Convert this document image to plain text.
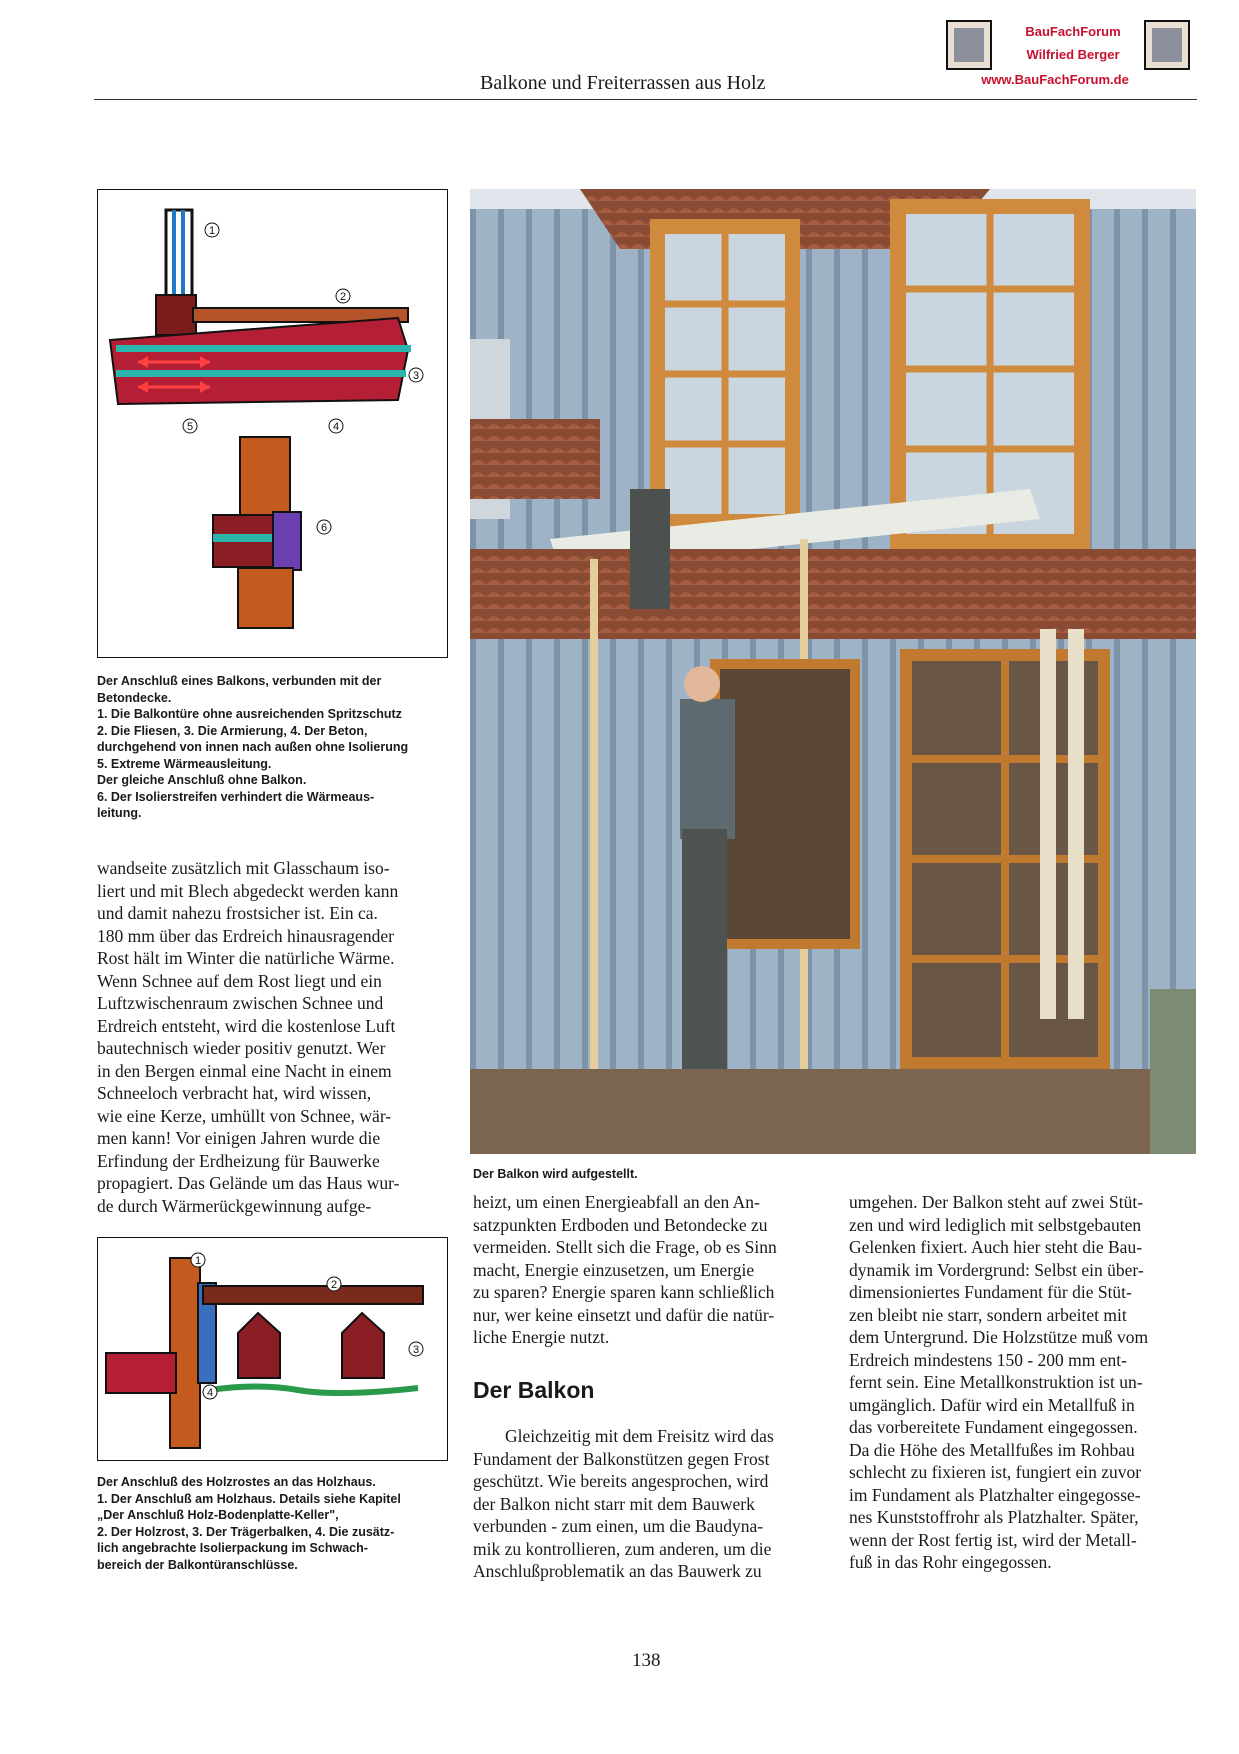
Balkone und Freiterrassen aus Holz
BauFachForum
Wilfried Berger
www.BauFachForum.de
1
2
3
4
5
6
Der Anschluß eines Balkons, verbunden mit der
Betondecke.
1. Die Balkontüre ohne ausreichenden Spritzschutz
2. Die Fliesen, 3. Die Armierung, 4. Der Beton,
durchgehend von innen nach außen ohne Isolierung
5. Extreme Wärmeausleitung.
Der gleiche Anschluß ohne Balkon.
6. Der Isolierstreifen verhindert die Wärmeaus-
leitung.
wandseite zusätzlich mit Glasschaum iso-
liert und mit Blech abgedeckt werden kann
und damit nahezu frostsicher ist. Ein ca.
180 mm über das Erdreich hinausragender
Rost hält im Winter die natürliche Wärme.
Wenn Schnee auf dem Rost liegt und ein
Luftzwischenraum zwischen Schnee und
Erdreich entsteht, wird die kostenlose Luft
bautechnisch wieder positiv genutzt. Wer
in den Bergen einmal eine Nacht in einem
Schneeloch verbracht hat, wird wissen,
wie eine Kerze, umhüllt von Schnee, wär-
men kann! Vor einigen Jahren wurde die
Erfindung der Erdheizung für Bauwerke
propagiert. Das Gelände um das Haus wur-
de durch Wärmerückgewinnung aufge-
1
2
3
4
Der Anschluß des Holzrostes an das Holzhaus.
1. Der Anschluß am Holzhaus. Details siehe Kapitel
„Der Anschluß Holz-Bodenplatte-Keller",
2. Der Holzrost, 3. Der Trägerbalken, 4. Die zusätz-
lich angebrachte Isolierpackung im Schwach-
bereich der Balkontüranschlüsse.
Der Balkon wird aufgestellt.
heizt, um einen Energieabfall an den An-
satzpunkten Erdboden und Betondecke zu
vermeiden. Stellt sich die Frage, ob es Sinn
macht, Energie einzusetzen, um Energie
zu sparen? Energie sparen kann schließlich
nur, wer keine einsetzt und dafür die natür-
liche Energie nutzt.
Der Balkon
Gleichzeitig mit dem Freisitz wird das
Fundament der Balkonstützen gegen Frost
geschützt. Wie bereits angesprochen, wird
der Balkon nicht starr mit dem Bauwerk
verbunden - zum einen, um die Baudyna-
mik zu kontrollieren, zum anderen, um die
Anschlußproblematik an das Bauwerk zu
umgehen. Der Balkon steht auf zwei Stüt-
zen und wird lediglich mit selbstgebauten
Gelenken fixiert. Auch hier steht die Bau-
dynamik im Vordergrund: Selbst ein über-
dimensioniertes Fundament für die Stüt-
zen bleibt nie starr, sondern arbeitet mit
dem Untergrund. Die Holzstütze muß vom
Erdreich mindestens 150 - 200 mm ent-
fernt sein. Eine Metallkonstruktion ist un-
umgänglich. Dafür wird ein Metallfuß in
das vorbereitete Fundament eingegossen.
Da die Höhe des Metallfußes im Rohbau
schlecht zu fixieren ist, fungiert ein zuvor
im Fundament als Platzhalter eingegosse-
nes Kunststoffrohr als Platzhalter. Später,
wenn der Rost fertig ist, wird der Metall-
fuß in das Rohr eingegossen.
138
